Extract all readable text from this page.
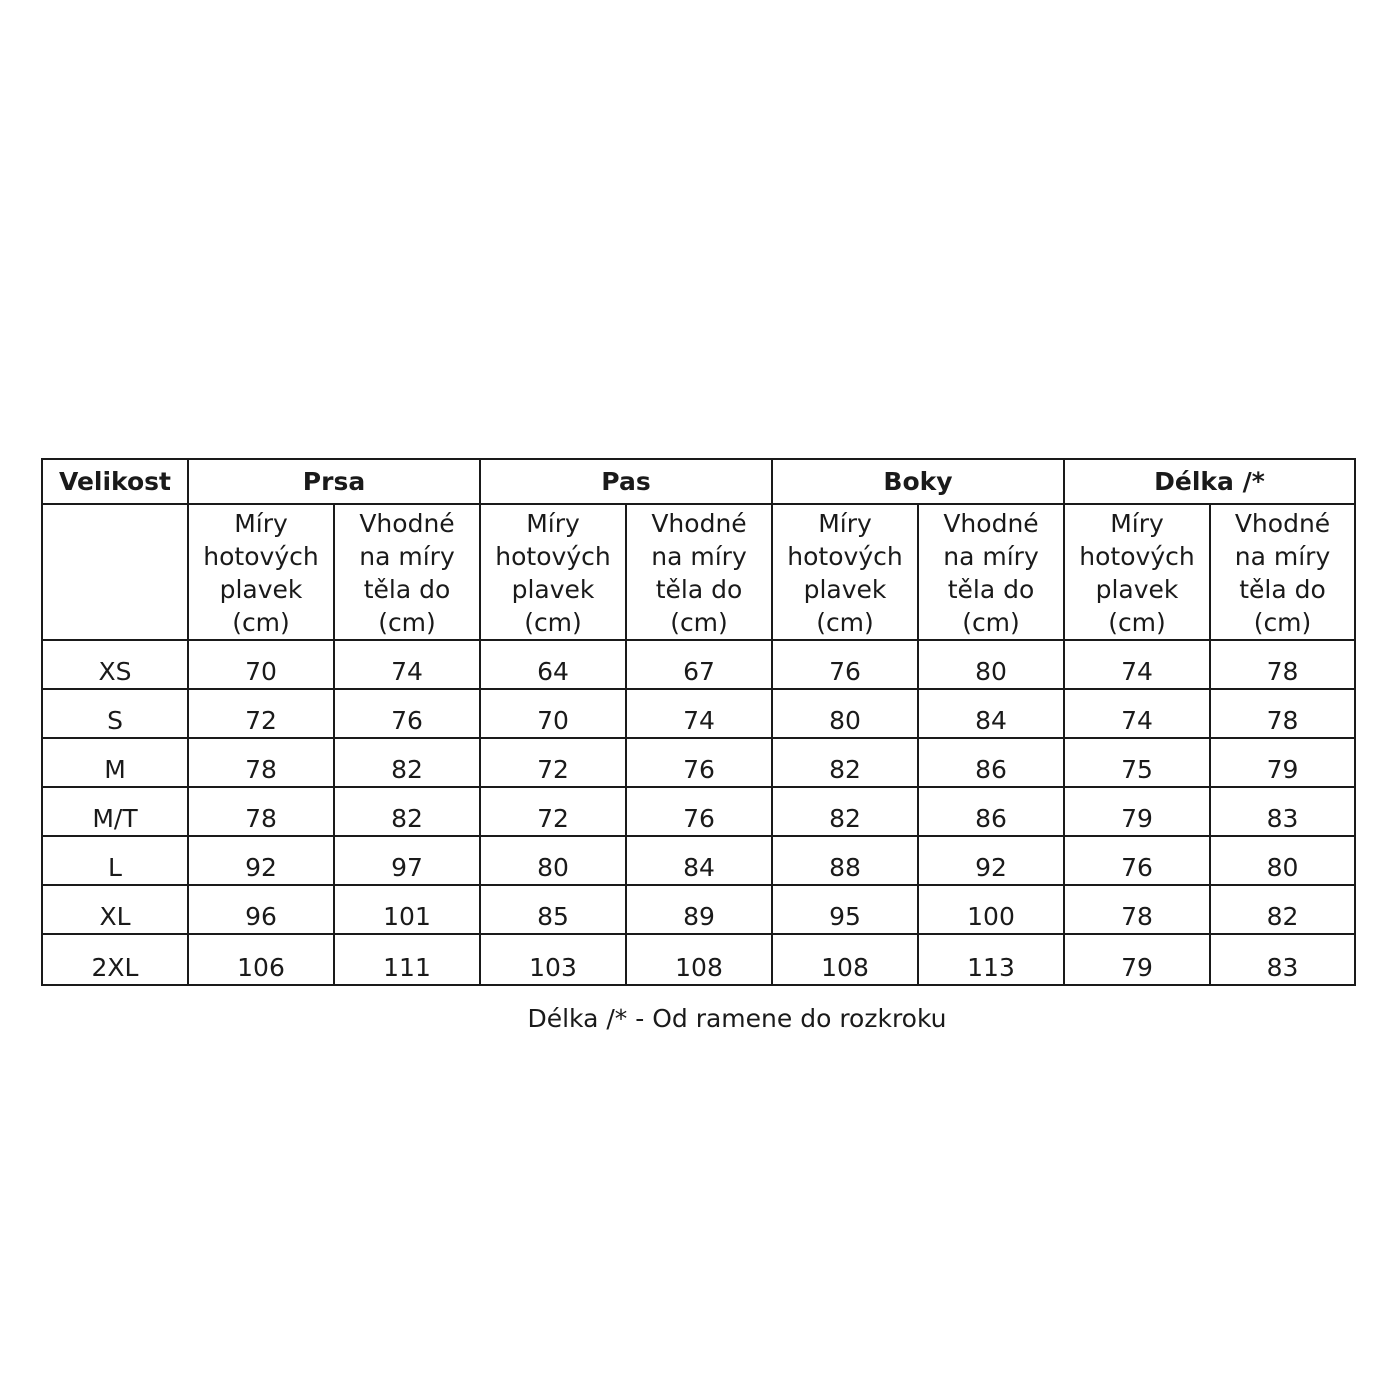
Velikost	Prsa		Pas		Boky		Délka /*	

	Míry
hotových
plavek
(cm)	Vhodné
na míry
těla do
(cm)	Míry
hotových
plavek
(cm)	Vhodné
na míry
těla do
(cm)	Míry
hotových
plavek
(cm)	Vhodné
na míry
těla do
(cm)	Míry
hotových
plavek
(cm)	Vhodné
na míry
těla do
(cm)

XS	70	74	64	67	76	80	74	78
S	72	76	70	74	80	84	74	78
M	78	82	72	76	82	86	75	79
M/T	78	82	72	76	82	86	79	83
L	92	97	80	84	88	92	76	80
XL	96	101	85	89	95	100	78	82
2XL	106	111	103	108	108	113	79	83
Délka /* - Od ramene do rozkroku
